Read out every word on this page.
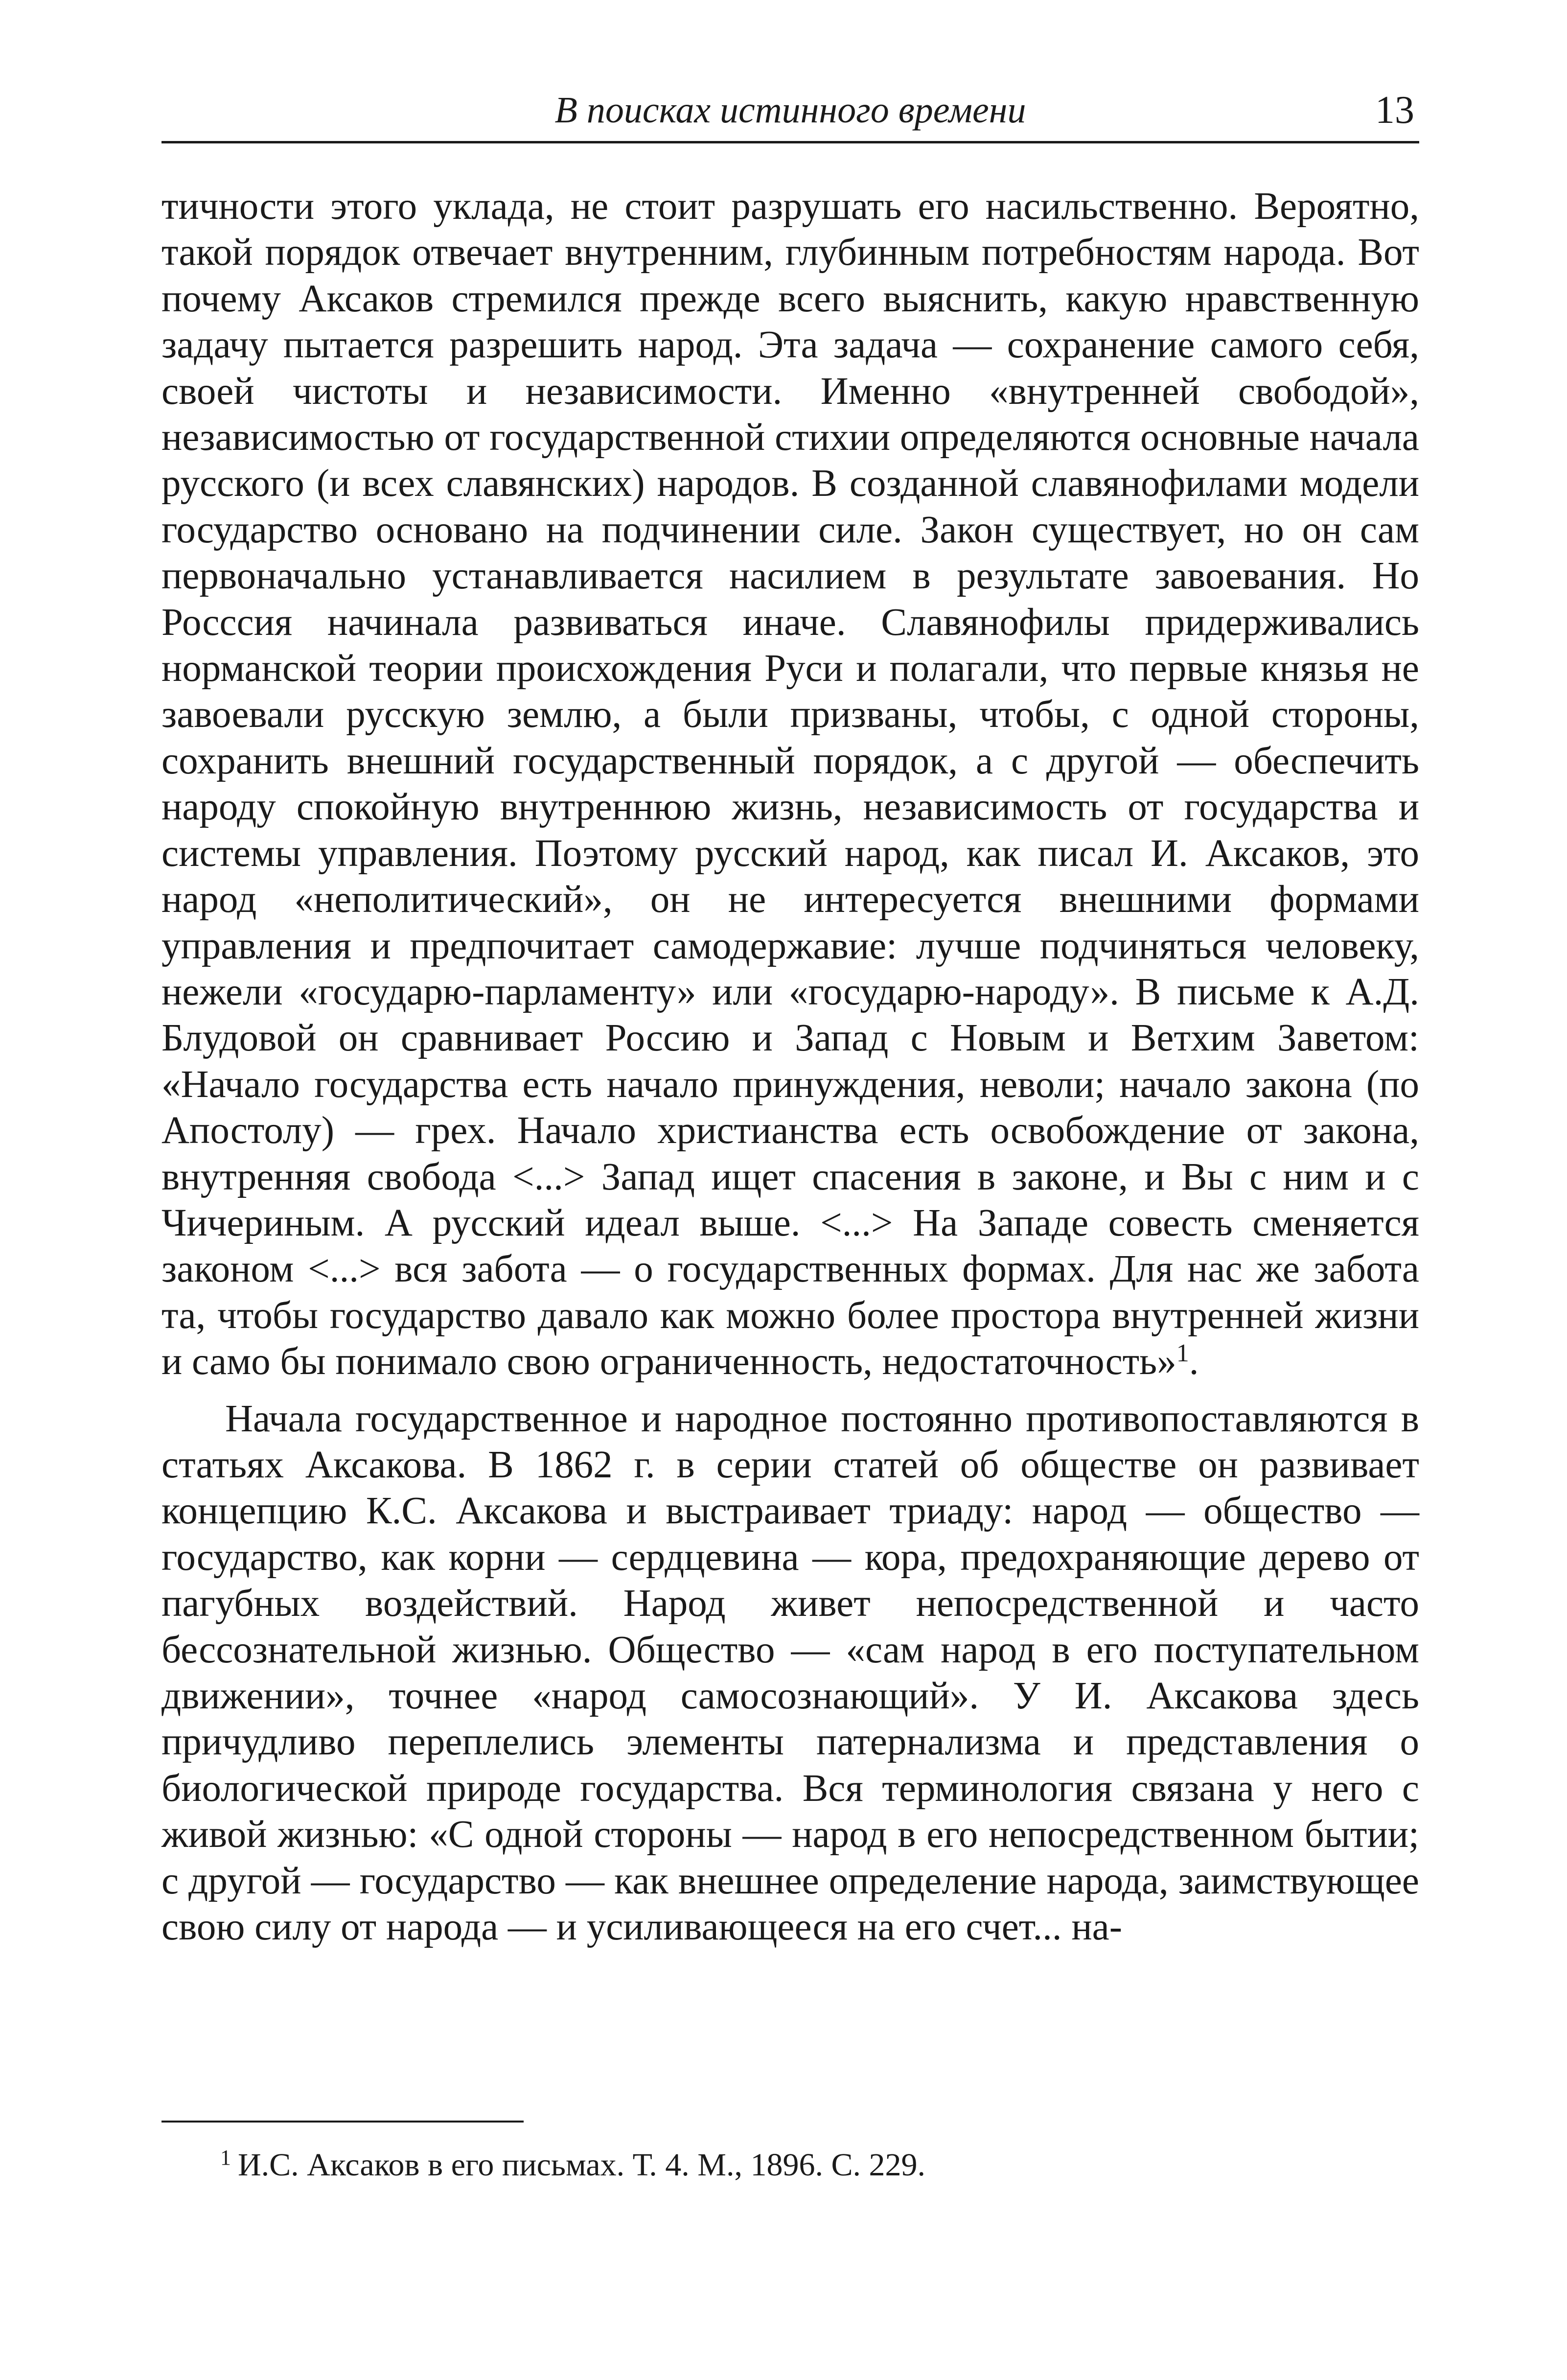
В поисках истинного времени	13

тичности этого уклада, не стоит разрушать его насильственно. Вероятно, такой порядок отвечает внутренним, глубинным потребностям народа. Вот почему Аксаков стремился прежде всего выяснить, какую нравственную задачу пытается разрешить народ. Эта задача — сохранение самого себя, своей чистоты и независимости. Именно «внутренней свободой», независимостью от государственной стихии определяются основные начала русского (и всех славянских) народов. В созданной славянофилами модели государство основано на подчинении силе. Закон существует, но он сам первоначально устанавливается насилием в результате завоевания. Но Росссия начинала развиваться иначе. Славянофилы придерживались норманской теории происхождения Руси и полагали, что первые князья не завоевали русскую землю, а были призваны, чтобы, с одной стороны, сохранить внешний государственный порядок, а с другой — обеспечить народу спокойную внутреннюю жизнь, независимость от государства и системы управления. Поэтому русский народ, как писал И. Аксаков, это народ «неполитический», он не интересуется внешними формами управления и предпочитает самодержавие: лучше подчиняться человеку, нежели «государю-парламенту» или «государю-народу». В письме к А.Д. Блудовой он сравнивает Россию и Запад с Новым и Ветхим Заветом: «Начало государства есть начало принуждения, неволи; начало закона (по Апостолу) — грех. Начало христианства есть освобождение от закона, внутренняя свобода <...> Запад ищет спасения в законе, и Вы с ним и с Чичериным. А русский идеал выше. <...> На Западе совесть сменяется законом <...> вся забота — о государственных формах. Для нас же забота та, чтобы государство давало как можно более простора внутренней жизни и само бы понимало свою ограниченность, недостаточность»$^1$.

Начала государственное и народное постоянно противопоставляются в статьях Аксакова. В 1862 г. в серии статей об обществе он развивает концепцию К.С. Аксакова и выстраивает триаду: народ — общество — государство, как корни — сердцевина — кора, предохраняющие дерево от пагубных воздействий. Народ живет непосредственной и часто бессознательной жизнью. Общество — «сам народ в его поступательном движении», точнее «народ самосознающий». У И. Аксакова здесь причудливо переплелись элементы патернализма и представления о биологической природе государства. Вся терминология связана у него с живой жизнью: «С одной стороны — народ в его непосредственном бытии; с другой — государство — как внешнее определение народа, заимствующее свою силу от народа — и усиливающееся на его счет... на-

$^1$ И.С. Аксаков в его письмах. Т. 4. М., 1896. С. 229.
